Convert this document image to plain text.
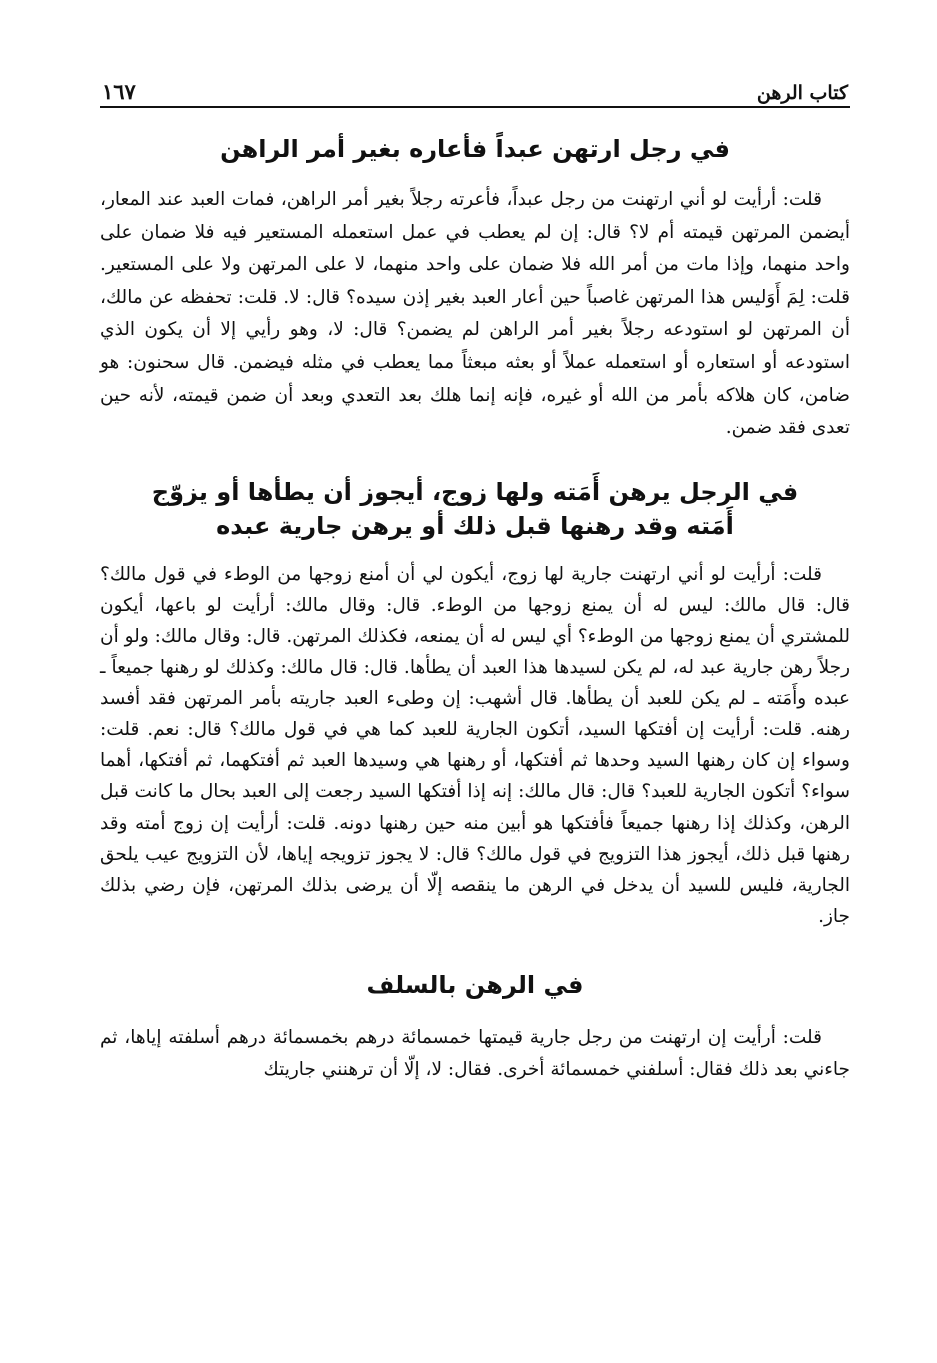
كتاب الرهن
١٦٧
في رجل ارتهن عبداً فأعاره بغير أمر الراهن

قلت: أرأيت لو أني ارتهنت من رجل عبداً، فأعرته رجلاً بغير أمر الراهن، فمات العبد عند المعار، أيضمن المرتهن قيمته أم لا؟ قال: إن لم يعطب في عمل استعمله المستعير فيه فلا ضمان على واحد منهما، وإذا مات من أمر الله فلا ضمان على واحد منهما، لا على المرتهن ولا على المستعير. قلت: لِمَ أَوَليس هذا المرتهن غاصباً حين أعار العبد بغير إذن سيده؟ قال: لا. قلت: تحفظه عن مالك، أن المرتهن لو استودعه رجلاً بغير أمر الراهن لم يضمن؟ قال: لا، وهو رأيي إلا أن يكون الذي استودعه أو استعاره أو استعمله عملاً أو بعثه مبعثاً مما يعطب في مثله فيضمن. قال سحنون: هو ضامن، كان هلاكه بأمر من الله أو غيره، فإنه إنما هلك بعد التعدي وبعد أن ضمن قيمته، لأنه حين تعدى فقد ضمن.

في الرجل يرهن أَمَته ولها زوج، أيجوز أن يطأها أو يزوّج
أَمَته وقد رهنها قبل ذلك أو يرهن جارية عبده

قلت: أرأيت لو أني ارتهنت جارية لها زوج، أيكون لي أن أمنع زوجها من الوطء في قول مالك؟ قال: قال مالك: ليس له أن يمنع زوجها من الوطء. قال: وقال مالك: أرأيت لو باعها، أيكون للمشتري أن يمنع زوجها من الوطء؟ أي ليس له أن يمنعه، فكذلك المرتهن. قال: وقال مالك: ولو أن رجلاً رهن جارية عبد له، لم يكن لسيدها هذا العبد أن يطأها. قال: قال مالك: وكذلك لو رهنها جميعاً ـ عبده وأَمَته ـ لم يكن للعبد أن يطأها. قال أشهب: إن وطىء العبد جاريته بأمر المرتهن فقد أفسد رهنه. قلت: أرأيت إن أفتكها السيد، أتكون الجارية للعبد كما هي في قول مالك؟ قال: نعم. قلت: وسواء إن كان رهنها السيد وحدها ثم أفتكها، أو رهنها هي وسيدها العبد ثم أفتكهما، ثم أفتكها، أهما سواء؟ أتكون الجارية للعبد؟ قال: قال مالك: إنه إذا أفتكها السيد رجعت إلى العبد بحال ما كانت قبل الرهن، وكذلك إذا رهنها جميعاً فأفتكها هو أبين منه حين رهنها دونه. قلت: أرأيت إن زوج أمته وقد رهنها قبل ذلك، أيجوز هذا التزويج في قول مالك؟ قال: لا يجوز تزويجه إياها، لأن التزويج عيب يلحق الجارية، فليس للسيد أن يدخل في الرهن ما ينقصه إلّا أن يرضى بذلك المرتهن، فإن رضي بذلك جاز.

في الرهن بالسلف

قلت: أرأيت إن ارتهنت من رجل جارية قيمتها خمسمائة درهم بخمسمائة درهم أسلفته إياها، ثم جاءني بعد ذلك فقال: أسلفني خمسمائة أخرى. فقال: لا، إلّا أن ترهنني جاريتك
